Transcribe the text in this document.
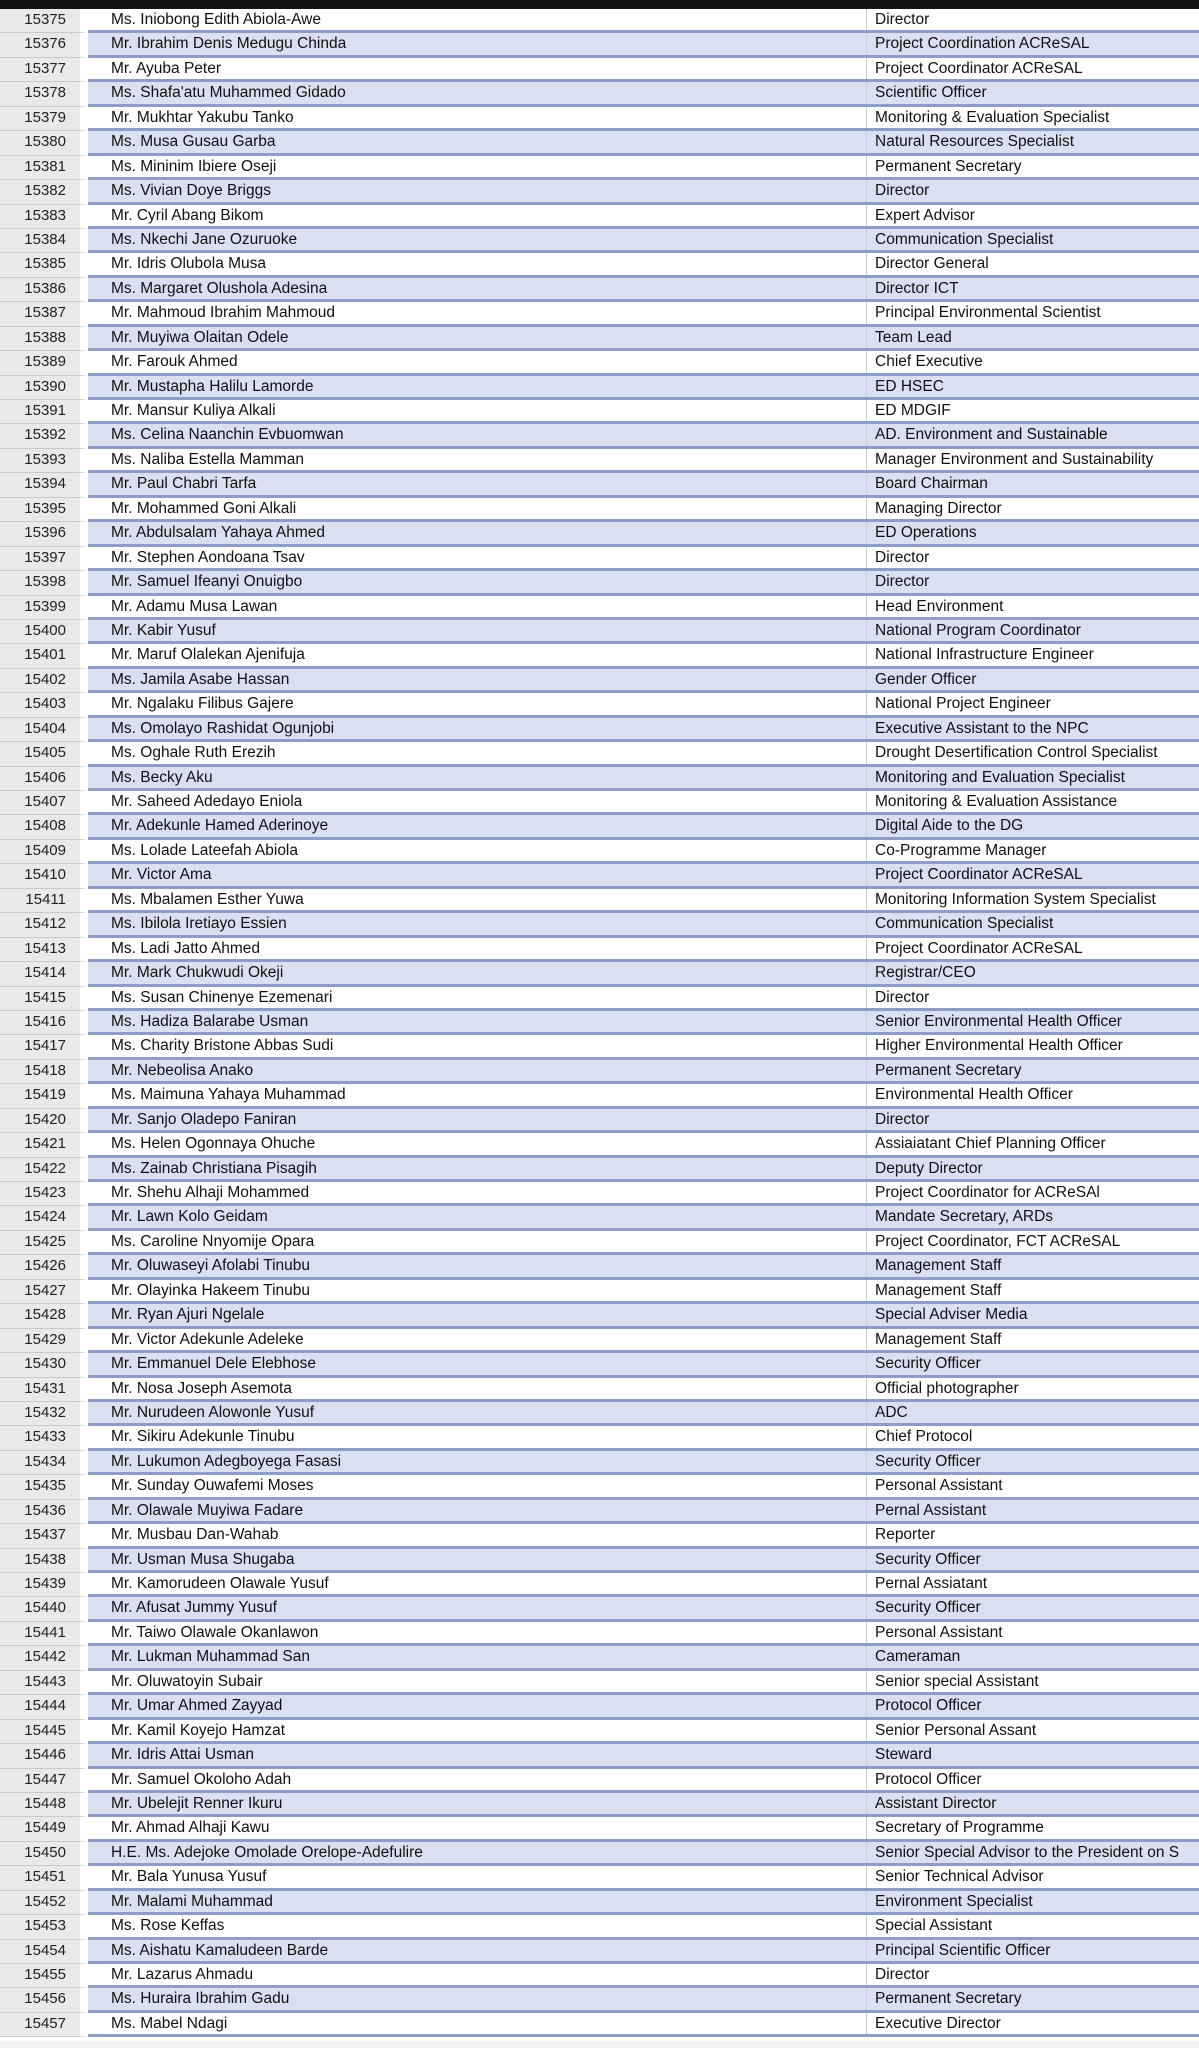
15375	Ms. Iniobong Edith Abiola-Awe	Director
15376	Mr. Ibrahim Denis Medugu Chinda	Project Coordination ACReSAL
15377	Mr. Ayuba Peter	Project Coordinator ACReSAL
15378	Ms. Shafa'atu Muhammed Gidado	Scientific Officer
15379	Mr. Mukhtar Yakubu Tanko	Monitoring & Evaluation Specialist
15380	Ms. Musa Gusau Garba	Natural Resources Specialist
15381	Ms. Mininim Ibiere Oseji	Permanent Secretary
15382	Ms. Vivian Doye Briggs	Director
15383	Mr. Cyril Abang Bikom	Expert Advisor
15384	Ms. Nkechi Jane Ozuruoke	Communication Specialist
15385	Mr. Idris Olubola Musa	Director General
15386	Ms. Margaret Olushola Adesina	Director ICT
15387	Mr. Mahmoud Ibrahim Mahmoud	Principal Environmental Scientist
15388	Mr. Muyiwa Olaitan Odele	Team Lead
15389	Mr. Farouk Ahmed	Chief Executive
15390	Mr. Mustapha Halilu Lamorde	ED HSEC
15391	Mr. Mansur Kuliya Alkali	ED MDGIF
15392	Ms. Celina Naanchin Evbuomwan	AD. Environment and Sustainable
15393	Ms. Naliba Estella Mamman	Manager Environment and Sustainability
15394	Mr. Paul Chabri Tarfa	Board Chairman
15395	Mr. Mohammed Goni Alkali	Managing Director
15396	Mr. Abdulsalam Yahaya Ahmed	ED Operations
15397	Mr. Stephen Aondoana Tsav	Director
15398	Mr. Samuel Ifeanyi Onuigbo	Director
15399	Mr. Adamu Musa Lawan	Head Environment
15400	Mr. Kabir Yusuf	National Program Coordinator
15401	Mr. Maruf Olalekan Ajenifuja	National Infrastructure Engineer
15402	Ms. Jamila Asabe Hassan	Gender Officer
15403	Mr. Ngalaku Filibus Gajere	National Project Engineer
15404	Ms. Omolayo Rashidat Ogunjobi	Executive Assistant to the NPC
15405	Ms. Oghale Ruth Erezih	Drought Desertification Control Specialist
15406	Ms. Becky Aku	Monitoring and Evaluation Specialist
15407	Mr. Saheed Adedayo Eniola	Monitoring & Evaluation Assistance
15408	Mr. Adekunle Hamed Aderinoye	Digital Aide to the DG
15409	Ms. Lolade Lateefah Abiola	Co-Programme Manager
15410	Mr. Victor Ama	Project Coordinator ACReSAL
15411	Ms. Mbalamen Esther Yuwa	Monitoring Information System Specialist
15412	Ms. Ibilola Iretiayo Essien	Communication Specialist
15413	Ms. Ladi Jatto Ahmed	Project Coordinator ACReSAL
15414	Mr. Mark Chukwudi Okeji	Registrar/CEO
15415	Ms. Susan Chinenye Ezemenari	Director
15416	Ms. Hadiza Balarabe Usman	Senior Environmental Health Officer
15417	Ms. Charity Bristone Abbas Sudi	Higher Environmental Health Officer
15418	Mr. Nebeolisa Anako	Permanent Secretary
15419	Ms. Maimuna Yahaya Muhammad	Environmental Health Officer
15420	Mr. Sanjo Oladepo Faniran	Director
15421	Ms. Helen Ogonnaya Ohuche	Assiaiatant Chief Planning Officer
15422	Ms. Zainab Christiana Pisagih	Deputy Director
15423	Mr. Shehu Alhaji Mohammed	Project Coordinator for ACReSAl
15424	Mr. Lawn Kolo Geidam	Mandate Secretary, ARDs
15425	Ms. Caroline Nnyomije Opara	Project Coordinator, FCT ACReSAL
15426	Mr. Oluwaseyi Afolabi Tinubu	Management Staff
15427	Mr. Olayinka Hakeem Tinubu	Management Staff
15428	Mr. Ryan Ajuri Ngelale	Special Adviser Media
15429	Mr. Victor Adekunle Adeleke	Management Staff
15430	Mr. Emmanuel Dele Elebhose	Security Officer
15431	Mr. Nosa Joseph Asemota	Official photographer
15432	Mr. Nurudeen Alowonle Yusuf	ADC
15433	Mr. Sikiru Adekunle Tinubu	Chief Protocol
15434	Mr. Lukumon Adegboyega Fasasi	Security Officer
15435	Mr. Sunday Ouwafemi Moses	Personal Assistant
15436	Mr. Olawale Muyiwa Fadare	Pernal Assistant
15437	Mr. Musbau Dan-Wahab	Reporter
15438	Mr. Usman Musa Shugaba	Security Officer
15439	Mr. Kamorudeen Olawale Yusuf	Pernal Assiatant
15440	Mr. Afusat Jummy Yusuf	Security Officer
15441	Mr. Taiwo Olawale Okanlawon	Personal Assistant
15442	Mr. Lukman Muhammad San	Cameraman
15443	Mr. Oluwatoyin Subair	Senior special Assistant
15444	Mr. Umar Ahmed Zayyad	Protocol Officer
15445	Mr. Kamil Koyejo Hamzat	Senior Personal Assant
15446	Mr. Idris Attai Usman	Steward
15447	Mr. Samuel Okoloho Adah	Protocol Officer
15448	Mr. Ubelejit Renner Ikuru	Assistant Director
15449	Mr. Ahmad Alhaji Kawu	Secretary of Programme
15450	H.E. Ms. Adejoke Omolade Orelope-Adefulire	Senior Special Advisor to the President on S
15451	Mr. Bala Yunusa Yusuf	Senior Technical Advisor
15452	Mr. Malami Muhammad	Environment Specialist
15453	Ms. Rose Keffas	Special Assistant
15454	Ms. Aishatu Kamaludeen Barde	Principal Scientific Officer
15455	Mr. Lazarus Ahmadu	Director
15456	Ms. Huraira Ibrahim Gadu	Permanent Secretary
15457	Ms. Mabel Ndagi	Executive Director
